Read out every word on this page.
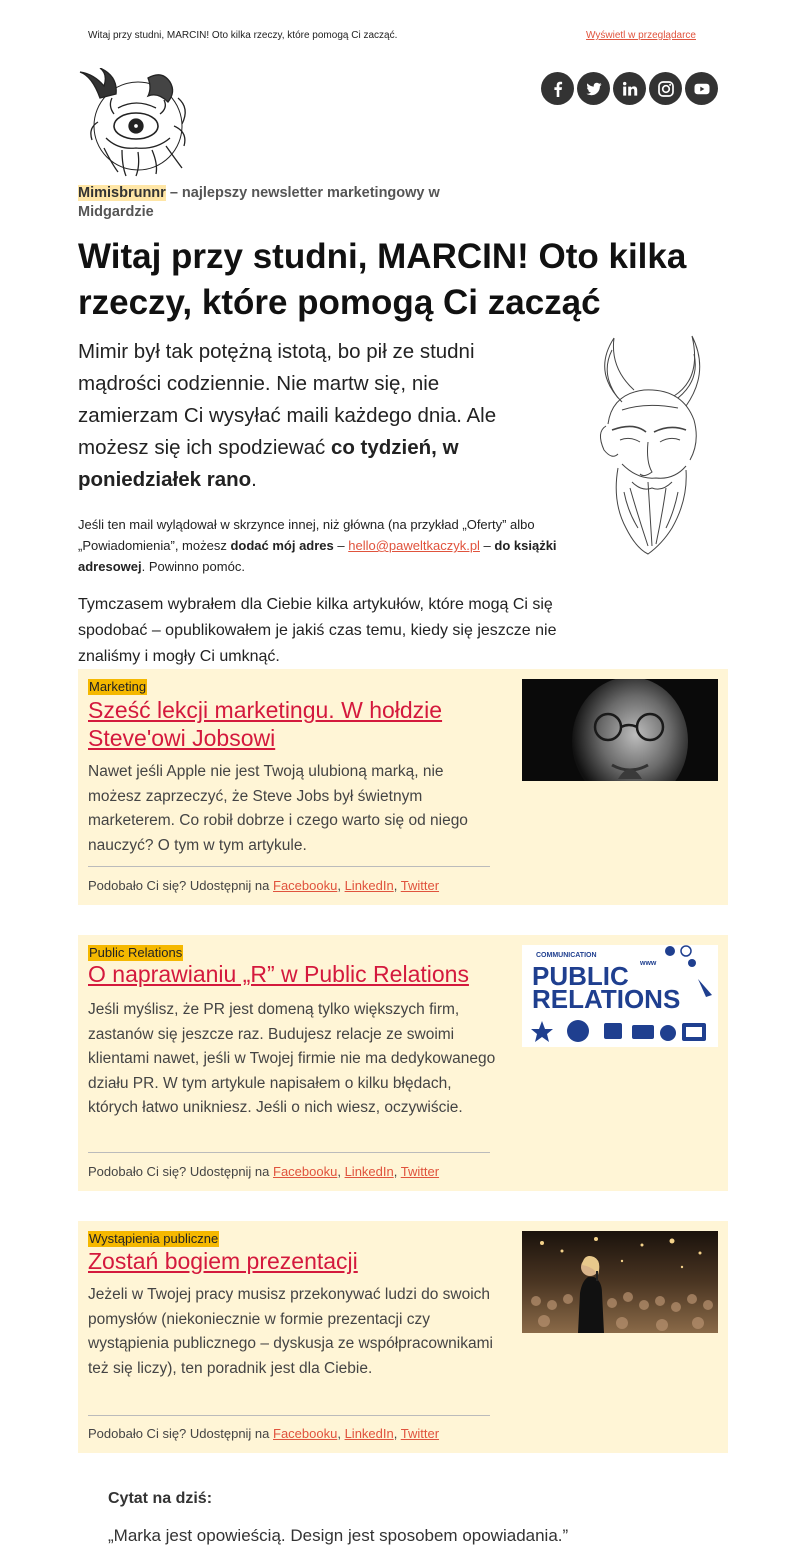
Witaj przy studni, MARCIN! Oto kilka rzeczy, które pomogą Ci zacząć.	Wyświetl w przeglądarce
Mimisbrunnr – najlepszy newsletter marketingowy w Midgardzie
Witaj przy studni, MARCIN! Oto kilka rzeczy, które pomogą Ci zacząć

Mimir był tak potężną istotą, bo pił ze studni mądrości codziennie. Nie martw się, nie zamierzam Ci wysyłać maili każdego dnia. Ale możesz się ich spodziewać co tydzień, w poniedziałek rano.

Jeśli ten mail wylądował w skrzynce innej, niż główna (na przykład „Oferty” albo „Powiadomienia”, możesz dodać mój adres – hello@paweltkaczyk.pl – do książki adresowej. Powinno pomóc.

Tymczasem wybrałem dla Ciebie kilka artykułów, które mogą Ci się spodobać – opublikowałem je jakiś czas temu, kiedy się jeszcze nie znaliśmy i mogły Ci umknąć.

Marketing
Sześć lekcji marketingu. W hołdzie Steve'owi Jobsowi

Nawet jeśli Apple nie jest Twoją ulubioną marką, nie możesz zaprzeczyć, że Steve Jobs był świetnym marketerem. Co robił dobrze i czego warto się od niego nauczyć? O tym w tym artykule.

Podobało Ci się? Udostępnij na Facebooku, LinkedIn, Twitter

Public Relations
O naprawianiu „R” w Public Relations

Jeśli myślisz, że PR jest domeną tylko większych firm, zastanów się jeszcze raz. Budujesz relacje ze swoimi klientami nawet, jeśli w Twojej firmie nie ma dedykowanego działu PR. W tym artykule napisałem o kilku błędach, których łatwo unikniesz. Jeśli o nich wiesz, oczywiście.

Podobało Ci się? Udostępnij na Facebooku, LinkedIn, Twitter

COMMUNICATION
www
PUBLIC
RELATIONS
Wystąpienia publiczne
Zostań bogiem prezentacji

Jeżeli w Twojej pracy musisz przekonywać ludzi do swoich pomysłów (niekoniecznie w formie prezentacji czy wystąpienia publicznego – dyskusja ze współpracownikami też się liczy), ten poradnik jest dla Ciebie.

Podobało Ci się? Udostępnij na Facebooku, LinkedIn, Twitter

Cytat na dziś:

„Marka jest opowieścią. Design jest sposobem opowiadania.”
